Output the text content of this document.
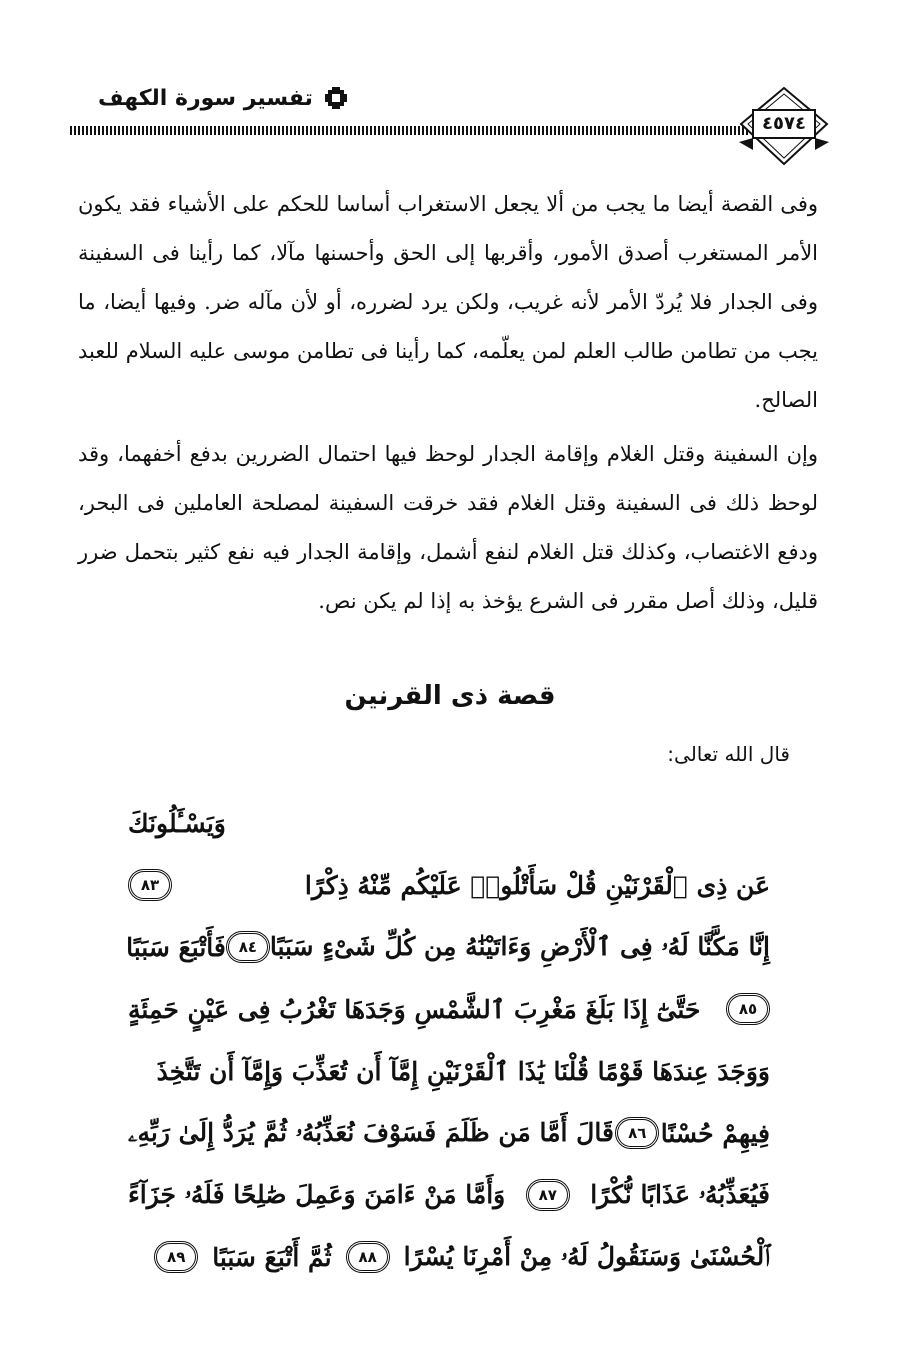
تفسير سورة الكهف
٤٥٧٤

وفى القصة أيضا ما يجب من ألا يجعل الاستغراب أساسا للحكم على الأشياء فقد يكون الأمر المستغرب أصدق الأمور، وأقربها إلى الحق وأحسنها مآلا، كما رأينا فى السفينة وفى الجدار فلا يُردّ الأمر لأنه غريب، ولكن يرد لضرره، أو لأن مآله ضر. وفيها أيضا، ما يجب من تطامن طالب العلم لمن يعلّمه، كما رأينا فى تطامن موسى عليه السلام للعبد الصالح.

وإن السفينة وقتل الغلام وإقامة الجدار لوحظ فيها احتمال الضررين بدفع أخفهما، وقد لوحظ ذلك فى السفينة وقتل الغلام فقد خرقت السفينة لمصلحة العاملين فى البحر، ودفع الاغتصاب، وكذلك قتل الغلام لنفع أشمل، وإقامة الجدار فيه نفع كثير بتحمل ضرر قليل، وذلك أصل مقرر فى الشرع يؤخذ به إذا لم يكن نص.

قصة ذى القرنين
قال الله تعالى:
وَيَسْـَٔلُونَكَ
عَن ذِى ٱلْقَرْنَيْنِ قُلْ سَأَتْلُوا۟ عَلَيْكُم مِّنْهُ ذِكْرًا
٨٣
إِنَّا مَكَّنَّا لَهُۥ فِى ٱلْأَرْضِ وَءَاتَيْنَٰهُ مِن كُلِّ شَىْءٍ سَبَبًا
٨٤
فَأَتْبَعَ سَبَبًا
٨٥
حَتَّىٰٓ إِذَا بَلَغَ مَغْرِبَ ٱلشَّمْسِ وَجَدَهَا تَغْرُبُ فِى عَيْنٍ حَمِئَةٍ
وَوَجَدَ عِندَهَا قَوْمًا قُلْنَا يَٰذَا ٱلْقَرْنَيْنِ إِمَّآ أَن تُعَذِّبَ وَإِمَّآ أَن تَتَّخِذَ
فِيهِمْ حُسْنًا
٨٦
قَالَ أَمَّا مَن ظَلَمَ فَسَوْفَ نُعَذِّبُهُۥ ثُمَّ يُرَدُّ إِلَىٰ رَبِّهِۦ
فَيُعَذِّبُهُۥ عَذَابًا نُّكْرًا
٨٧
وَأَمَّا مَنْ ءَامَنَ وَعَمِلَ صَٰلِحًا فَلَهُۥ جَزَآءً
ٱلْحُسْنَىٰ وَسَنَقُولُ لَهُۥ مِنْ أَمْرِنَا يُسْرًا
٨٨
ثُمَّ أَتْبَعَ سَبَبًا
٨٩
